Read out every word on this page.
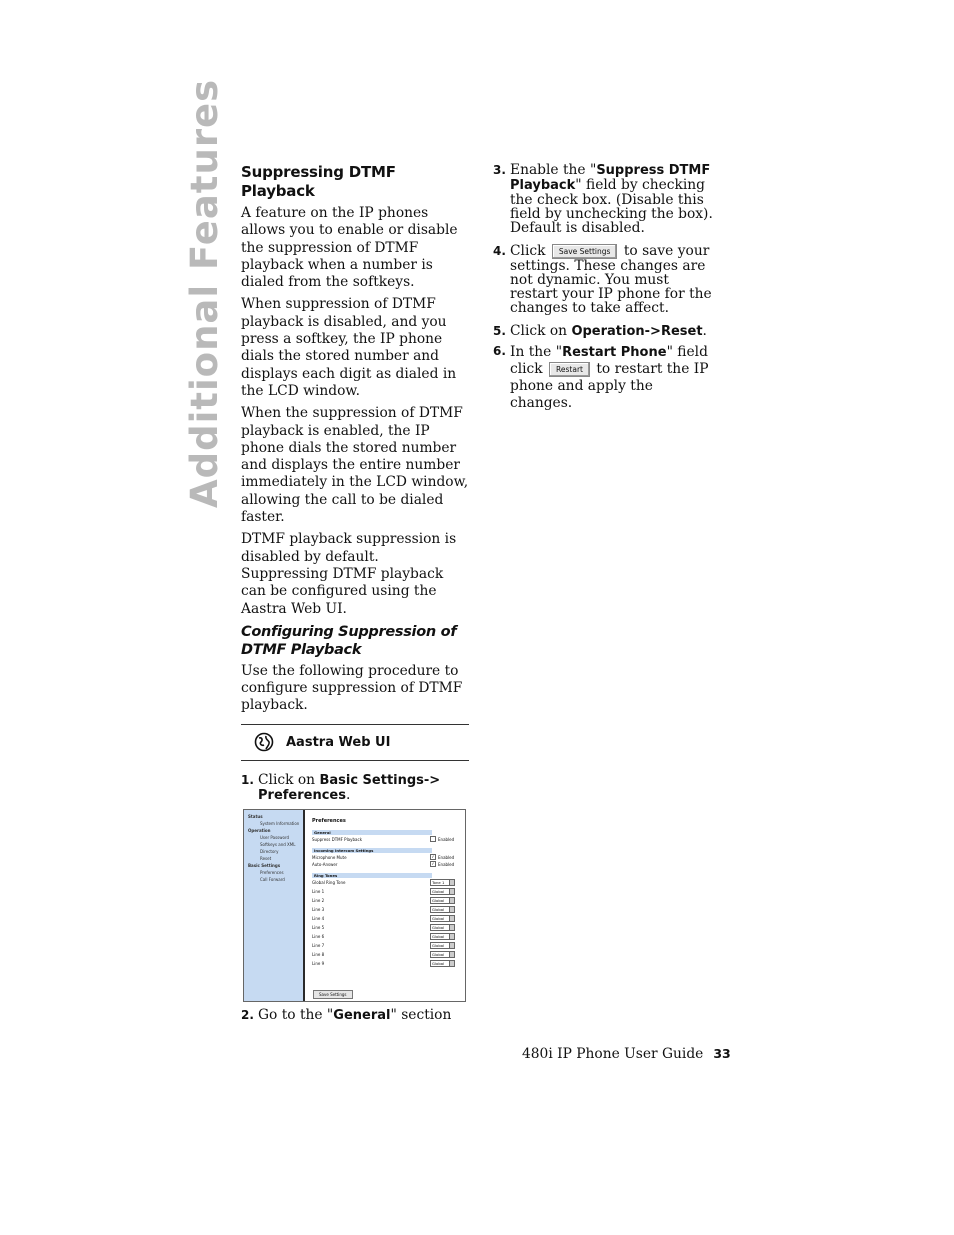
Additional Features Suppressing DTMF Playback

A feature on the IP phones allows you to enable or disable the suppression of DTMF playback when a number is dialed from the softkeys.

When suppression of DTMF playback is disabled, and you press a softkey, the IP phone dials the stored number and displays each digit as dialed in the LCD window.

When the suppression of DTMF playback is enabled, the IP phone dials the stored number and displays the entire number immediately in the LCD window, allowing the call to be dialed faster.

DTMF playback suppression is disabled by default. Suppressing DTMF playback can be configured using the Aastra Web UI.

Configuring Suppression of DTMF Playback

Use the following procedure to configure suppression of DTMF playback.

Aastra Web UI
1. Click on Basic Settings-> Preferences.
Status
System Information
Operation
User Password
Softkeys and XML
Directory
Reset
Basic Settings
Preferences
Call Forward
Preferences
General
Suppress DTMF Playback	Enabled
Incoming Intercom Settings
Microphone Mute	✓ Enabled
Auto-Answer	✓ Enabled
Ring Tones
Global Ring Tone	Tone 1
Line 1	Global
Line 2	Global
Line 3	Global
Line 4	Global
Line 5	Global
Line 6	Global
Line 7	Global
Line 8	Global
Line 9	Global
Save Settings
2. Go to the "General" section
3. Enable the "Suppress DTMF Playback" field by checking the check box. (Disable this field by unchecking the box). Default is disabled.
4. Click Save Settings to save your settings. These changes are not dynamic. You must restart your IP phone for the changes to take affect.
5. Click on Operation->Reset.
6. In the "Restart Phone" field click Restart to restart the IP phone and apply the changes.
480i IP Phone User Guide 33
